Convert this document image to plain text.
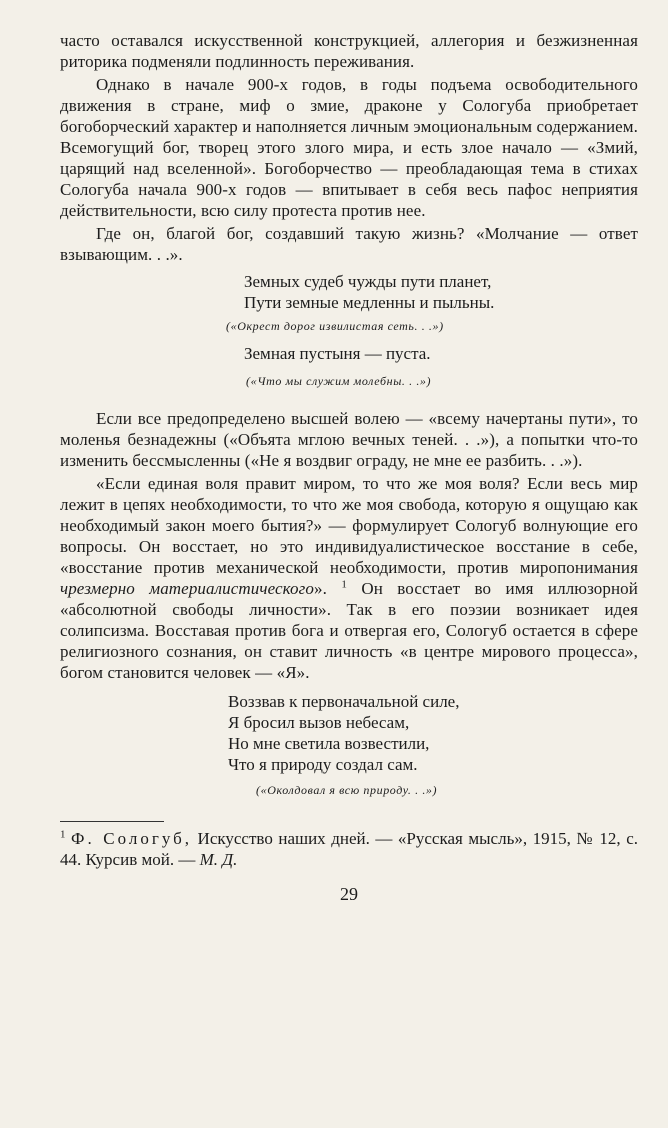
часто оставался искусственной конструкцией, аллегория и безжизненная риторика подменяли подлинность переживания.

Однако в начале 900-х годов, в годы подъема освободительного движения в стране, миф о змие, драконе у Сологуба приобретает богоборческий характер и наполняется личным эмоциональным содержанием. Всемогущий бог, творец этого злого мира, и есть злое начало — «Змий, царящий над вселенной». Богоборчество — преобладающая тема в стихах Сологуба начала 900-х годов — впитывает в себя весь пафос неприятия действительности, всю силу протеста против нее.

Где он, благой бог, создавший такую жизнь? «Молчание — ответ взывающим. . .».

Земных судеб чужды пути планет,
Пути земные медленны и пыльны.
(«Окрест дорог извилистая сеть. . .»)
Земная пустыня — пуста.
(«Что мы служим молебны. . .»)

Если все предопределено высшей волею — «всему начертаны пути», то моленья безнадежны («Объята мглою вечных теней. . .»), а попытки что-то изменить бессмысленны («Не я воздвиг ограду, не мне ее разбить. . .»).

«Если единая воля правит миром, то что же моя воля? Если весь мир лежит в цепях необходимости, то что же моя свобода, которую я ощущаю как необходимый закон моего бытия?» — формулирует Сологуб волнующие его вопросы. Он восстает, но это индивидуалистическое восстание в себе, «восстание против механической необходимости, против миропонимания чрезмерно материалистического». $^1$ Он восстает во имя иллюзорной «абсолютной свободы личности». Так в его поэзии возникает идея солипсизма. Восставая против бога и отвергая его, Сологуб остается в сфере религиозного сознания, он ставит личность «в центре мирового процесса», богом становится человек — «Я».

Воззвав к первоначальной силе,
Я бросил вызов небесам,
Но мне светила возвестили,
Что я природу создал сам.
(«Околдовал я всю природу. . .»)
$^1$ Ф. Сологуб, Искусство наших дней. — «Русская мысль», 1915, № 12, с. 44. Курсив мой. — М. Д.
29
